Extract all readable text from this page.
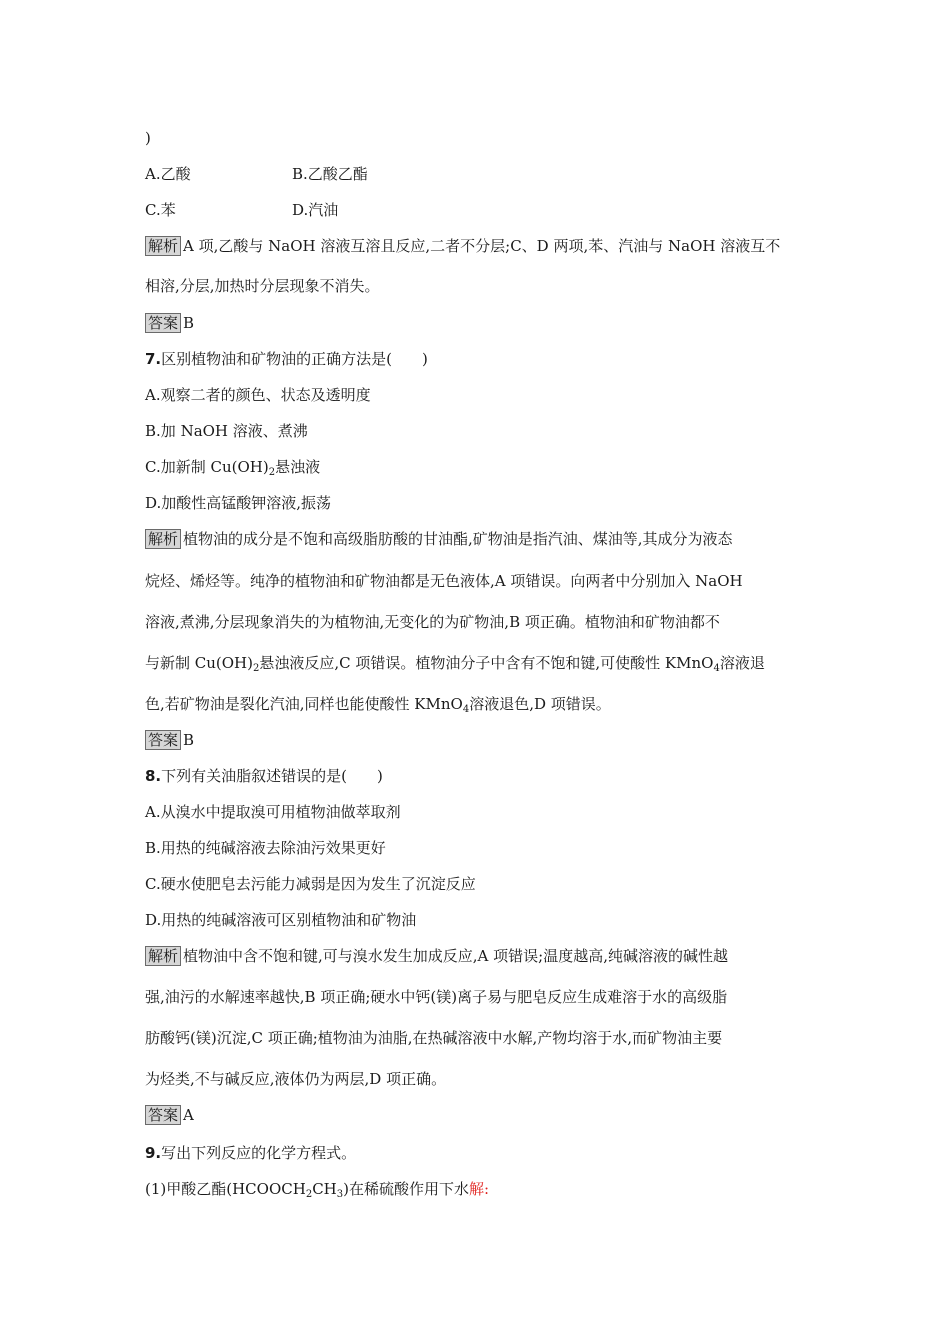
)
A.乙酸	B.乙酸乙酯
C.苯	D.汽油
解析 A 项,乙酸与 NaOH 溶液互溶且反应,二者不分层;C、D 两项,苯、汽油与 NaOH 溶液互不
相溶,分层,加热时分层现象不消失。
答案 B
7.区别植物油和矿物油的正确方法是(　　)
A.观察二者的颜色、状态及透明度
B.加 NaOH 溶液、煮沸
C.加新制 $Cu(OH)_2$悬浊液
D.加酸性高锰酸钾溶液,振荡
解析 植物油的成分是不饱和高级脂肪酸的甘油酯,矿物油是指汽油、煤油等,其成分为液态
烷烃、烯烃等。纯净的植物油和矿物油都是无色液体,A 项错误。向两者中分别加入 NaOH
溶液,煮沸,分层现象消失的为植物油,无变化的为矿物油,B 项正确。植物油和矿物油都不
与新制 $Cu(OH)_2$悬浊液反应,C 项错误。植物油分子中含有不饱和键,可使酸性 KMnO$_4$溶液退
色,若矿物油是裂化汽油,同样也能使酸性 KMnO$_4$溶液退色,D 项错误。
答案 B
8.下列有关油脂叙述错误的是(　　)
A.从溴水中提取溴可用植物油做萃取剂
B.用热的纯碱溶液去除油污效果更好
C.硬水使肥皂去污能力减弱是因为发生了沉淀反应
D.用热的纯碱溶液可区别植物油和矿物油
解析 植物油中含不饱和键,可与溴水发生加成反应,A 项错误;温度越高,纯碱溶液的碱性越
强,油污的水解速率越快,B 项正确;硬水中钙(镁)离子易与肥皂反应生成难溶于水的高级脂
肪酸钙(镁)沉淀,C 项正确;植物油为油脂,在热碱溶液中水解,产物均溶于水,而矿物油主要
为烃类,不与碱反应,液体仍为两层,D 项正确。
答案 A
9.写出下列反应的化学方程式。
(1)甲酸乙酯$(HCOOCH_2CH_3)$在稀硫酸作用下水解:
